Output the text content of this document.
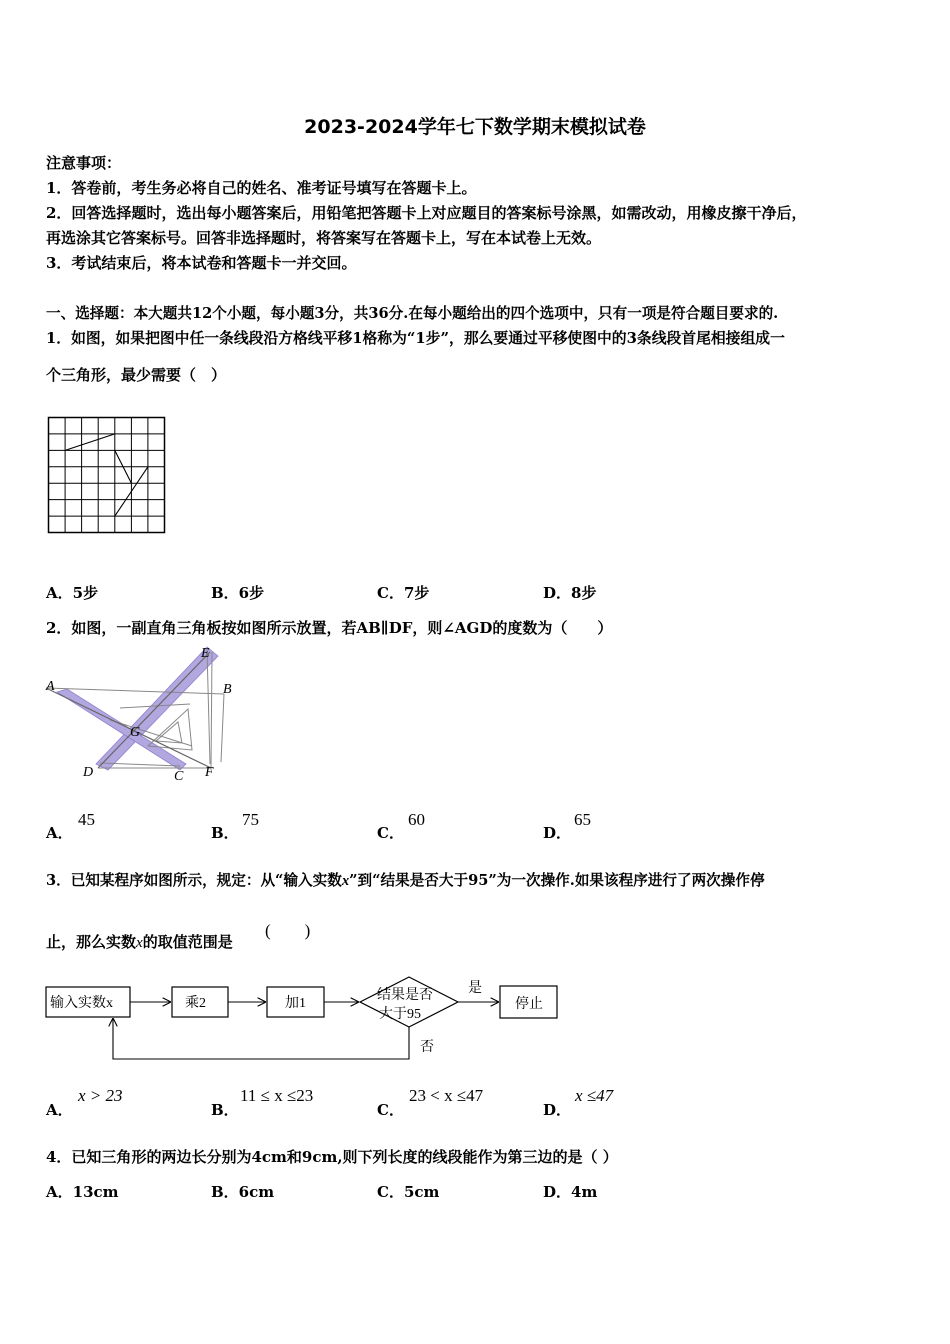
2023-2024学年七下数学期末模拟试卷
注意事项：
1．答卷前，考生务必将自己的姓名、准考证号填写在答题卡上。
2．回答选择题时，选出每小题答案后，用铅笔把答题卡上对应题目的答案标号涂黑，如需改动，用橡皮擦干净后，
再选涂其它答案标号。回答非选择题时，将答案写在答题卡上，写在本试卷上无效。
3．考试结束后，将本试卷和答题卡一并交回。
一、选择题：本大题共12个小题，每小题3分，共36分.在每小题给出的四个选项中，只有一项是符合题目要求的.
1．如图，如果把图中任一条线段沿方格线平移1格称为“1步”，那么要通过平移使图中的3条线段首尾相接组成一
个三角形，最少需要（　）
A．5步	B．6步	C．7步	D．8步
2．如图，一副直角三角板按如图所示放置，若AB∥DF，则∠AGD的度数为（　　）
A	B
C
D
E
F
G
A．
45
B．
75
C．
60
D．
65
3．已知某程序如图所示，规定：从“输入实数x”到“结果是否大于95”为一次操作.如果该程序进行了两次操作停
止，那么实数x的取值范围是
(　　)
输入实数x	乘2	加1
结果是否
大于95
是
否
停止
A．
x > 23
B．
11 ≤ x ≤23
C．
23 < x ≤47
D．
x ≤47
4．已知三角形的两边长分别为4cm和9cm,则下列长度的线段能作为第三边的是（ ）
A．13cm	B．6cm	C．5cm	D．4m
